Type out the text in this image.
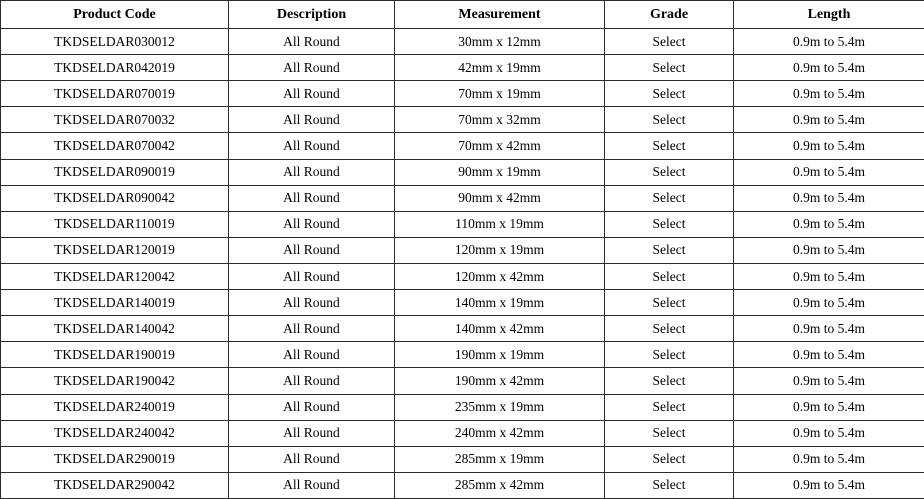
Product Code	Description	Measurement	Grade	Length
TKDSELDAR030012	All Round	30mm x 12mm	Select	0.9m to 5.4m
TKDSELDAR042019	All Round	42mm x 19mm	Select	0.9m to 5.4m
TKDSELDAR070019	All Round	70mm x 19mm	Select	0.9m to 5.4m
TKDSELDAR070032	All Round	70mm x 32mm	Select	0.9m to 5.4m
TKDSELDAR070042	All Round	70mm x 42mm	Select	0.9m to 5.4m
TKDSELDAR090019	All Round	90mm x 19mm	Select	0.9m to 5.4m
TKDSELDAR090042	All Round	90mm x 42mm	Select	0.9m to 5.4m
TKDSELDAR110019	All Round	110mm x 19mm	Select	0.9m to 5.4m
TKDSELDAR120019	All Round	120mm x 19mm	Select	0.9m to 5.4m
TKDSELDAR120042	All Round	120mm x 42mm	Select	0.9m to 5.4m
TKDSELDAR140019	All Round	140mm x 19mm	Select	0.9m to 5.4m
TKDSELDAR140042	All Round	140mm x 42mm	Select	0.9m to 5.4m
TKDSELDAR190019	All Round	190mm x 19mm	Select	0.9m to 5.4m
TKDSELDAR190042	All Round	190mm x 42mm	Select	0.9m to 5.4m
TKDSELDAR240019	All Round	235mm x 19mm	Select	0.9m to 5.4m
TKDSELDAR240042	All Round	240mm x 42mm	Select	0.9m to 5.4m
TKDSELDAR290019	All Round	285mm x 19mm	Select	0.9m to 5.4m
TKDSELDAR290042	All Round	285mm x 42mm	Select	0.9m to 5.4m
